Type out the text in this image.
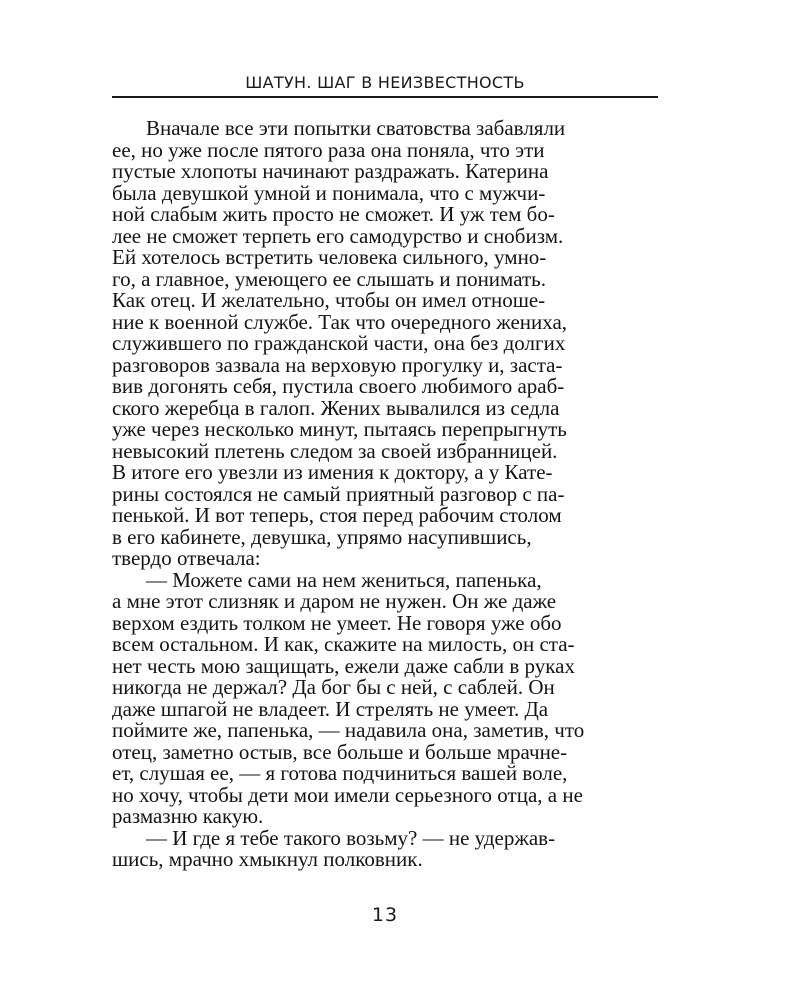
ШАТУН. ШАГ В НЕИЗВЕСТНОСТЬ
Вначале все эти попытки сватовства забавляли
ее, но уже после пятого раза она поняла, что эти
пустые хлопоты начинают раздражать. Катерина
была девушкой умной и понимала, что с мужчи-
ной слабым жить просто не сможет. И уж тем бо-
лее не сможет терпеть его самодурство и снобизм.
Ей хотелось встретить человека сильного, умно-
го, а главное, умеющего ее слышать и понимать.
Как отец. И желательно, чтобы он имел отноше-
ние к военной службе. Так что очередного жениха,
служившего по гражданской части, она без долгих
разговоров зазвала на верховую прогулку и, заста-
вив догонять себя, пустила своего любимого араб-
ского жеребца в галоп. Жених вывалился из седла
уже через несколько минут, пытаясь перепрыгнуть
невысокий плетень следом за своей избранницей.
В итоге его увезли из имения к доктору, а у Кате-
рины состоялся не самый приятный разговор с па-
пенькой. И вот теперь, стоя перед рабочим столом
в его кабинете, девушка, упрямо насупившись,
твердо отвечала:
— Можете сами на нем жениться, папенька,
а мне этот слизняк и даром не нужен. Он же даже
верхом ездить толком не умеет. Не говоря уже обо
всем остальном. И как, скажите на милость, он ста-
нет честь мою защищать, ежели даже сабли в руках
никогда не держал? Да бог бы с ней, с саблей. Он
даже шпагой не владеет. И стрелять не умеет. Да
поймите же, папенька, — надавила она, заметив, что
отец, заметно остыв, все больше и больше мрачне-
ет, слушая ее, — я готова подчиниться вашей воле,
но хочу, чтобы дети мои имели серьезного отца, а не
размазню какую.
— И где я тебе такого возьму? — не удержав-
шись, мрачно хмыкнул полковник.
13
